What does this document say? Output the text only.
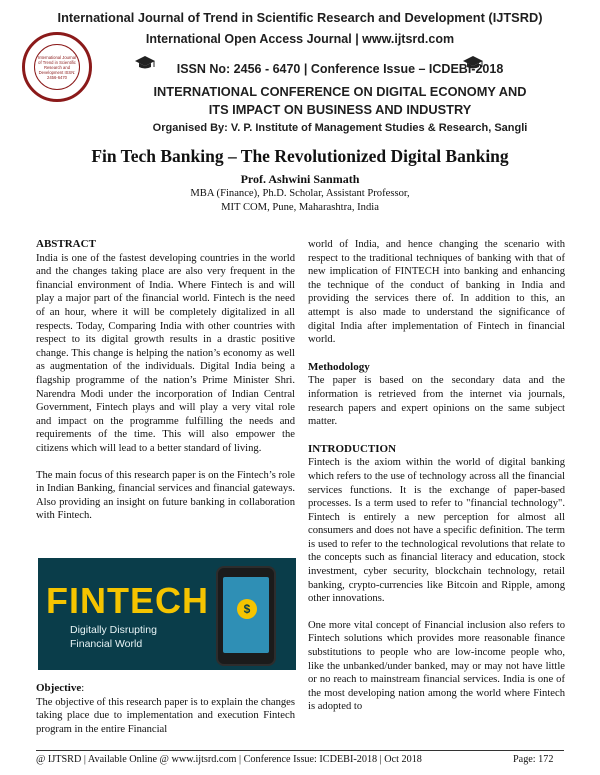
International Journal of Trend in Scientific Research and Development ISSN: 2456-6470
International Journal of Trend in Scientific Research and Development (IJTSRD)
International Open Access Journal | www.ijtsrd.com
ISSN No: 2456 - 6470 | Conference Issue – ICDEBI-2018
INTERNATIONAL CONFERENCE ON DIGITAL ECONOMY AND
ITS IMPACT ON BUSINESS AND INDUSTRY
Organised By: V. P. Institute of Management Studies & Research, Sangli
Fin Tech Banking – The Revolutionized Digital Banking
Prof. Ashwini Sanmath
MBA (Finance), Ph.D. Scholar, Assistant Professor,
MIT COM, Pune, Maharashtra, India

ABSTRACT

India is one of the fastest developing countries in the world and the changes taking place are also very frequent in the financial environment of India. Where Fintech is and will play a major part of the financial world. Fintech is the need of an hour, where it will be completely digitalized in all respects. Today, Comparing India with other countries with respect to its digital growth results in a drastic positive change. This change is helping the nation’s economy as well as augmentation of the individuals. Digital India being a flagship programme of the nation’s Prime Minister Shri. Narendra Modi under the incorporation of Indian Central Government, Fintech plays and will play a very vital role and impact on the programme fulfilling the needs and requirements of the time. This will also empower the citizens which will lead to a better standard of living.

The main focus of this research paper is on the Fintech’s role in Indian Banking, financial services and financial gateways. Also providing an insight on future banking in collaboration with Fintech.

FINTECH
Digitally Disrupting
Financial World
$

Objective:

The objective of this research paper is to explain the changes taking place due to implementation and execution Fintech program in the entire Financial

world of India, and hence changing the scenario with respect to the traditional techniques of banking with that of new implication of FINTECH into banking and enhancing the technique of the conduct of banking in India and providing the services there of. In addition to this, an attempt is also made to understand the significance of digital India after implementation of Fintech in financial world.

Methodology

The paper is based on the secondary data and the information is retrieved from the internet via journals, research papers and expert opinions on the same subject matter.

INTRODUCTION

Fintech is the axiom within the world of digital banking which refers to the use of technology across all the financial services functions. It is the exchange of paper-based processes. Is a term used to refer to "financial technology". Fintech is entirely a new perception for almost all consumers and does not have a specific definition. The term is used to refer to the technological revolutions that relate to the concepts such as financial literacy and education, stock investment, cyber security, blockchain technology, retail banking, crypto-currencies like Bitcoin and Ripple, among other innovations.

One more vital concept of Financial inclusion also refers to Fintech solutions which provides more reasonable finance substitutions to people who are low-income people who, like the unbanked/under banked, may or may not have little or no reach to mainstream financial services. India is one of the most developing nation among the world where Fintech is adopted to

@ IJTSRD | Available Online @ www.ijtsrd.com | Conference Issue: ICDEBI-2018 | Oct 2018	Page: 172
